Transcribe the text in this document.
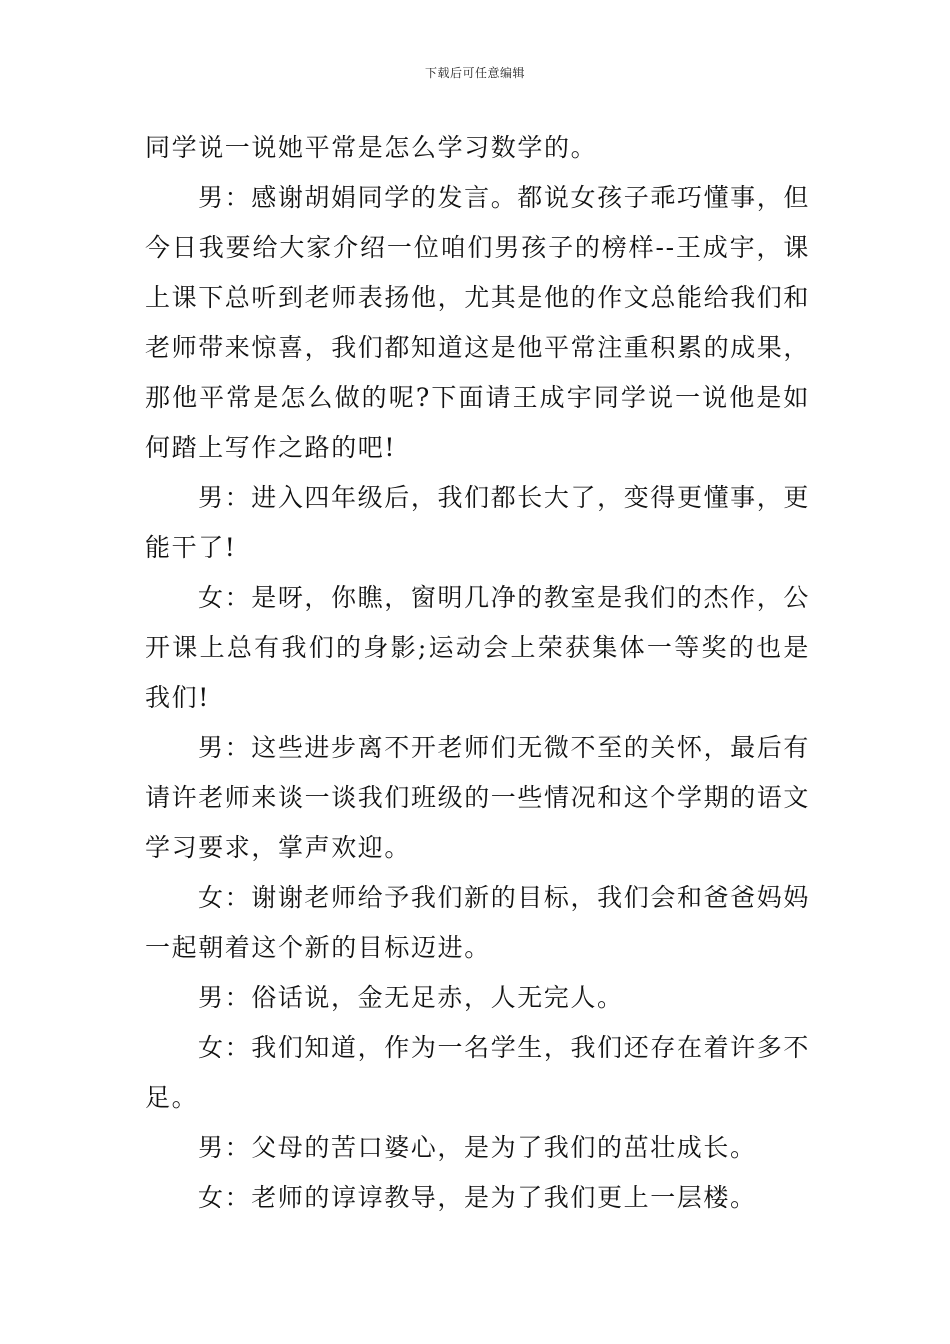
下载后可任意编辑

同学说一说她平常是怎么学习数学的。

男：感谢胡娟同学的发言。都说女孩子乖巧懂事，但今日我要给大家介绍一位咱们男孩子的榜样--王成宇，课上课下总听到老师表扬他，尤其是他的作文总能给我们和老师带来惊喜，我们都知道这是他平常注重积累的成果，那他平常是怎么做的呢?下面请王成宇同学说一说他是如何踏上写作之路的吧!

男：进入四年级后，我们都长大了，变得更懂事，更能干了!

女：是呀，你瞧，窗明几净的教室是我们的杰作，公开课上总有我们的身影;运动会上荣获集体一等奖的也是我们!

男：这些进步离不开老师们无微不至的关怀，最后有请许老师来谈一谈我们班级的一些情况和这个学期的语文学习要求，掌声欢迎。

女：谢谢老师给予我们新的目标，我们会和爸爸妈妈一起朝着这个新的目标迈进。

男：俗话说，金无足赤，人无完人。

女：我们知道，作为一名学生，我们还存在着许多不足。

男：父母的苦口婆心，是为了我们的茁壮成长。

女：老师的谆谆教导，是为了我们更上一层楼。
